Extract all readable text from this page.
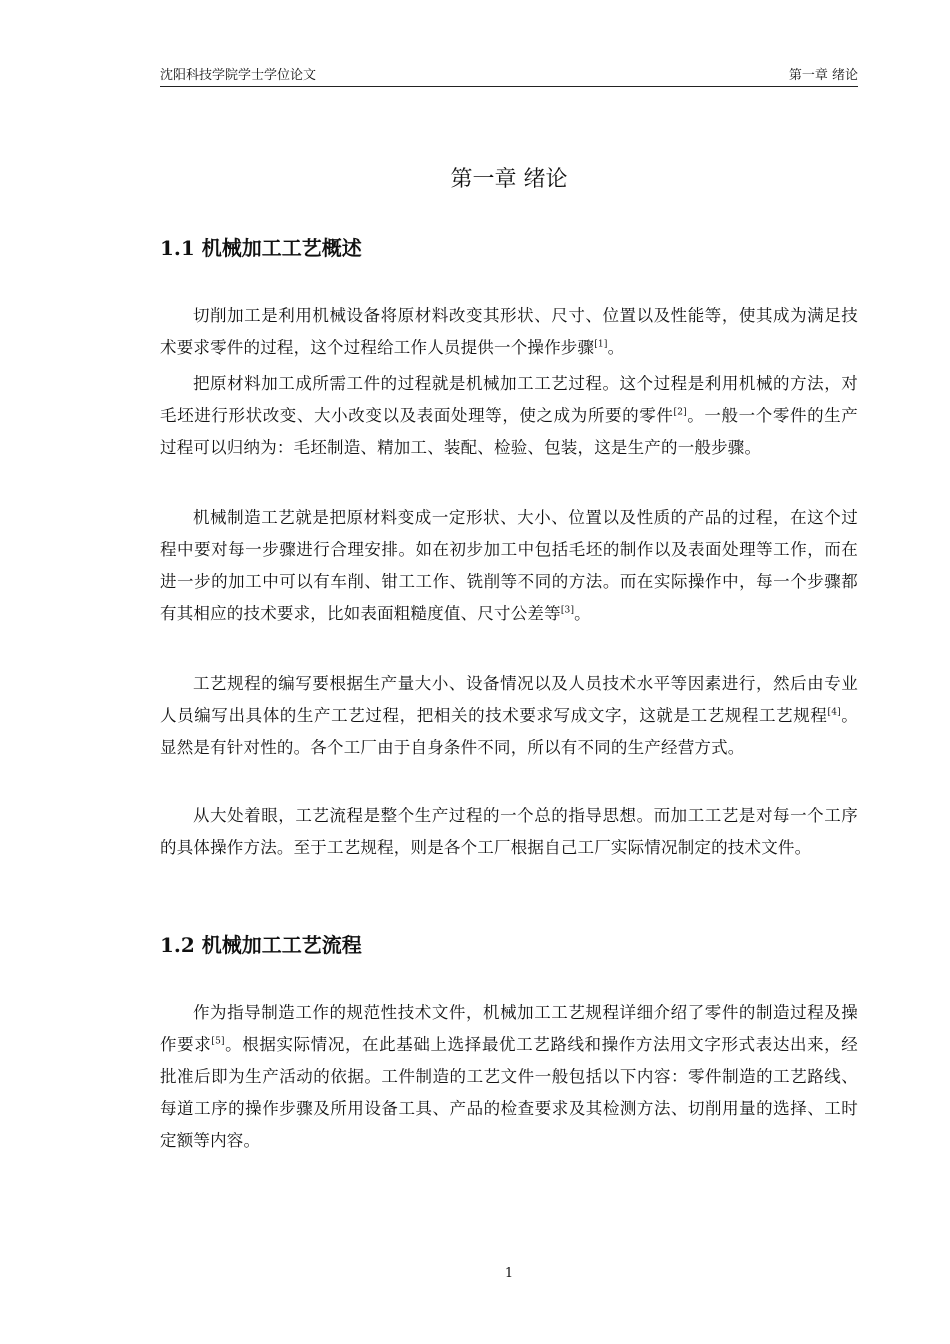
沈阳科技学院学士学位论文	第一章 绪论
第一章 绪论
1.1 机械加工工艺概述

切削加工是利用机械设备将原材料改变其形状、尺寸、位置以及性能等，使其成为满足技术要求零件的过程，这个过程给工作人员提供一个操作步骤[1]。

把原材料加工成所需工件的过程就是机械加工工艺过程。这个过程是利用机械的方法，对毛坯进行形状改变、大小改变以及表面处理等，使之成为所要的零件[2]。一般一个零件的生产过程可以归纳为：毛坯制造、精加工、装配、检验、包装，这是生产的一般步骤。

机械制造工艺就是把原材料变成一定形状、大小、位置以及性质的产品的过程，在这个过程中要对每一步骤进行合理安排。如在初步加工中包括毛坯的制作以及表面处理等工作，而在进一步的加工中可以有车削、钳工工作、铣削等不同的方法。而在实际操作中，每一个步骤都有其相应的技术要求，比如表面粗糙度值、尺寸公差等[3]。

工艺规程的编写要根据生产量大小、设备情况以及人员技术水平等因素进行，然后由专业人员编写出具体的生产工艺过程，把相关的技术要求写成文字，这就是工艺规程工艺规程[4]。显然是有针对性的。各个工厂由于自身条件不同，所以有不同的生产经营方式。

从大处着眼，工艺流程是整个生产过程的一个总的指导思想。而加工工艺是对每一个工序的具体操作方法。至于工艺规程，则是各个工厂根据自己工厂实际情况制定的技术文件。

1.2 机械加工工艺流程

作为指导制造工作的规范性技术文件，机械加工工艺规程详细介绍了零件的制造过程及操作要求[5]。根据实际情况，在此基础上选择最优工艺路线和操作方法用文字形式表达出来，经批准后即为生产活动的依据。工件制造的工艺文件一般包括以下内容：零件制造的工艺路线、每道工序的操作步骤及所用设备工具、产品的检查要求及其检测方法、切削用量的选择、工时定额等内容。

1
